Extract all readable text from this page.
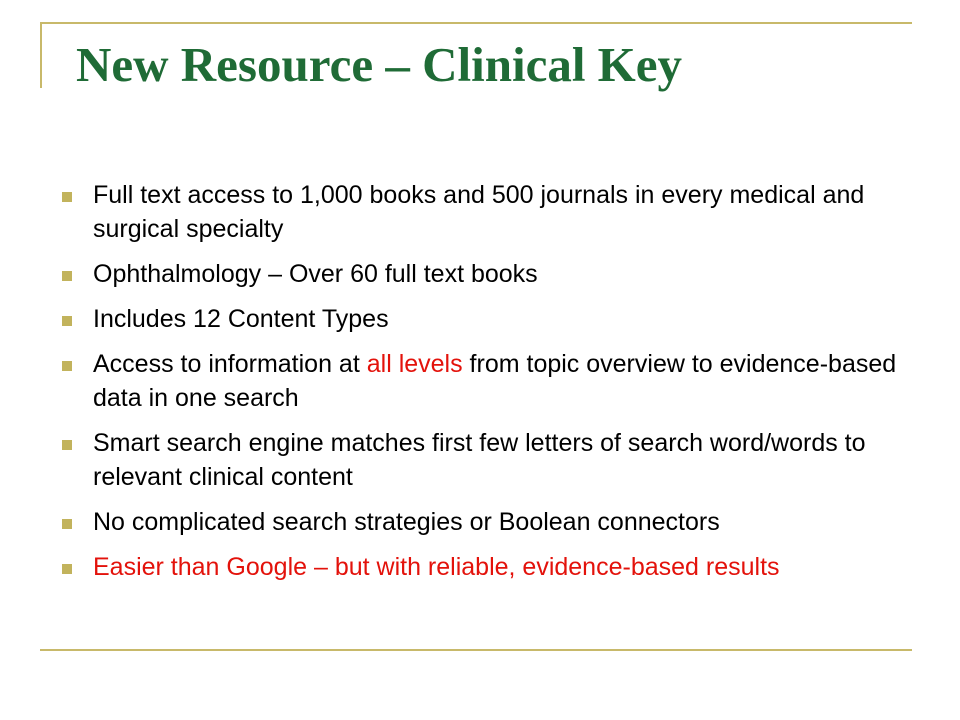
New Resource – Clinical Key
Full text access to 1,000 books and 500 journals in every medical and surgical specialty
Ophthalmology – Over 60 full text books
Includes 12 Content Types
Access to information at all levels from topic overview to evidence-based data in one search
Smart search engine matches first few letters of search word/words to relevant clinical content
No complicated search strategies or Boolean connectors
Easier than Google – but with reliable, evidence-based results
